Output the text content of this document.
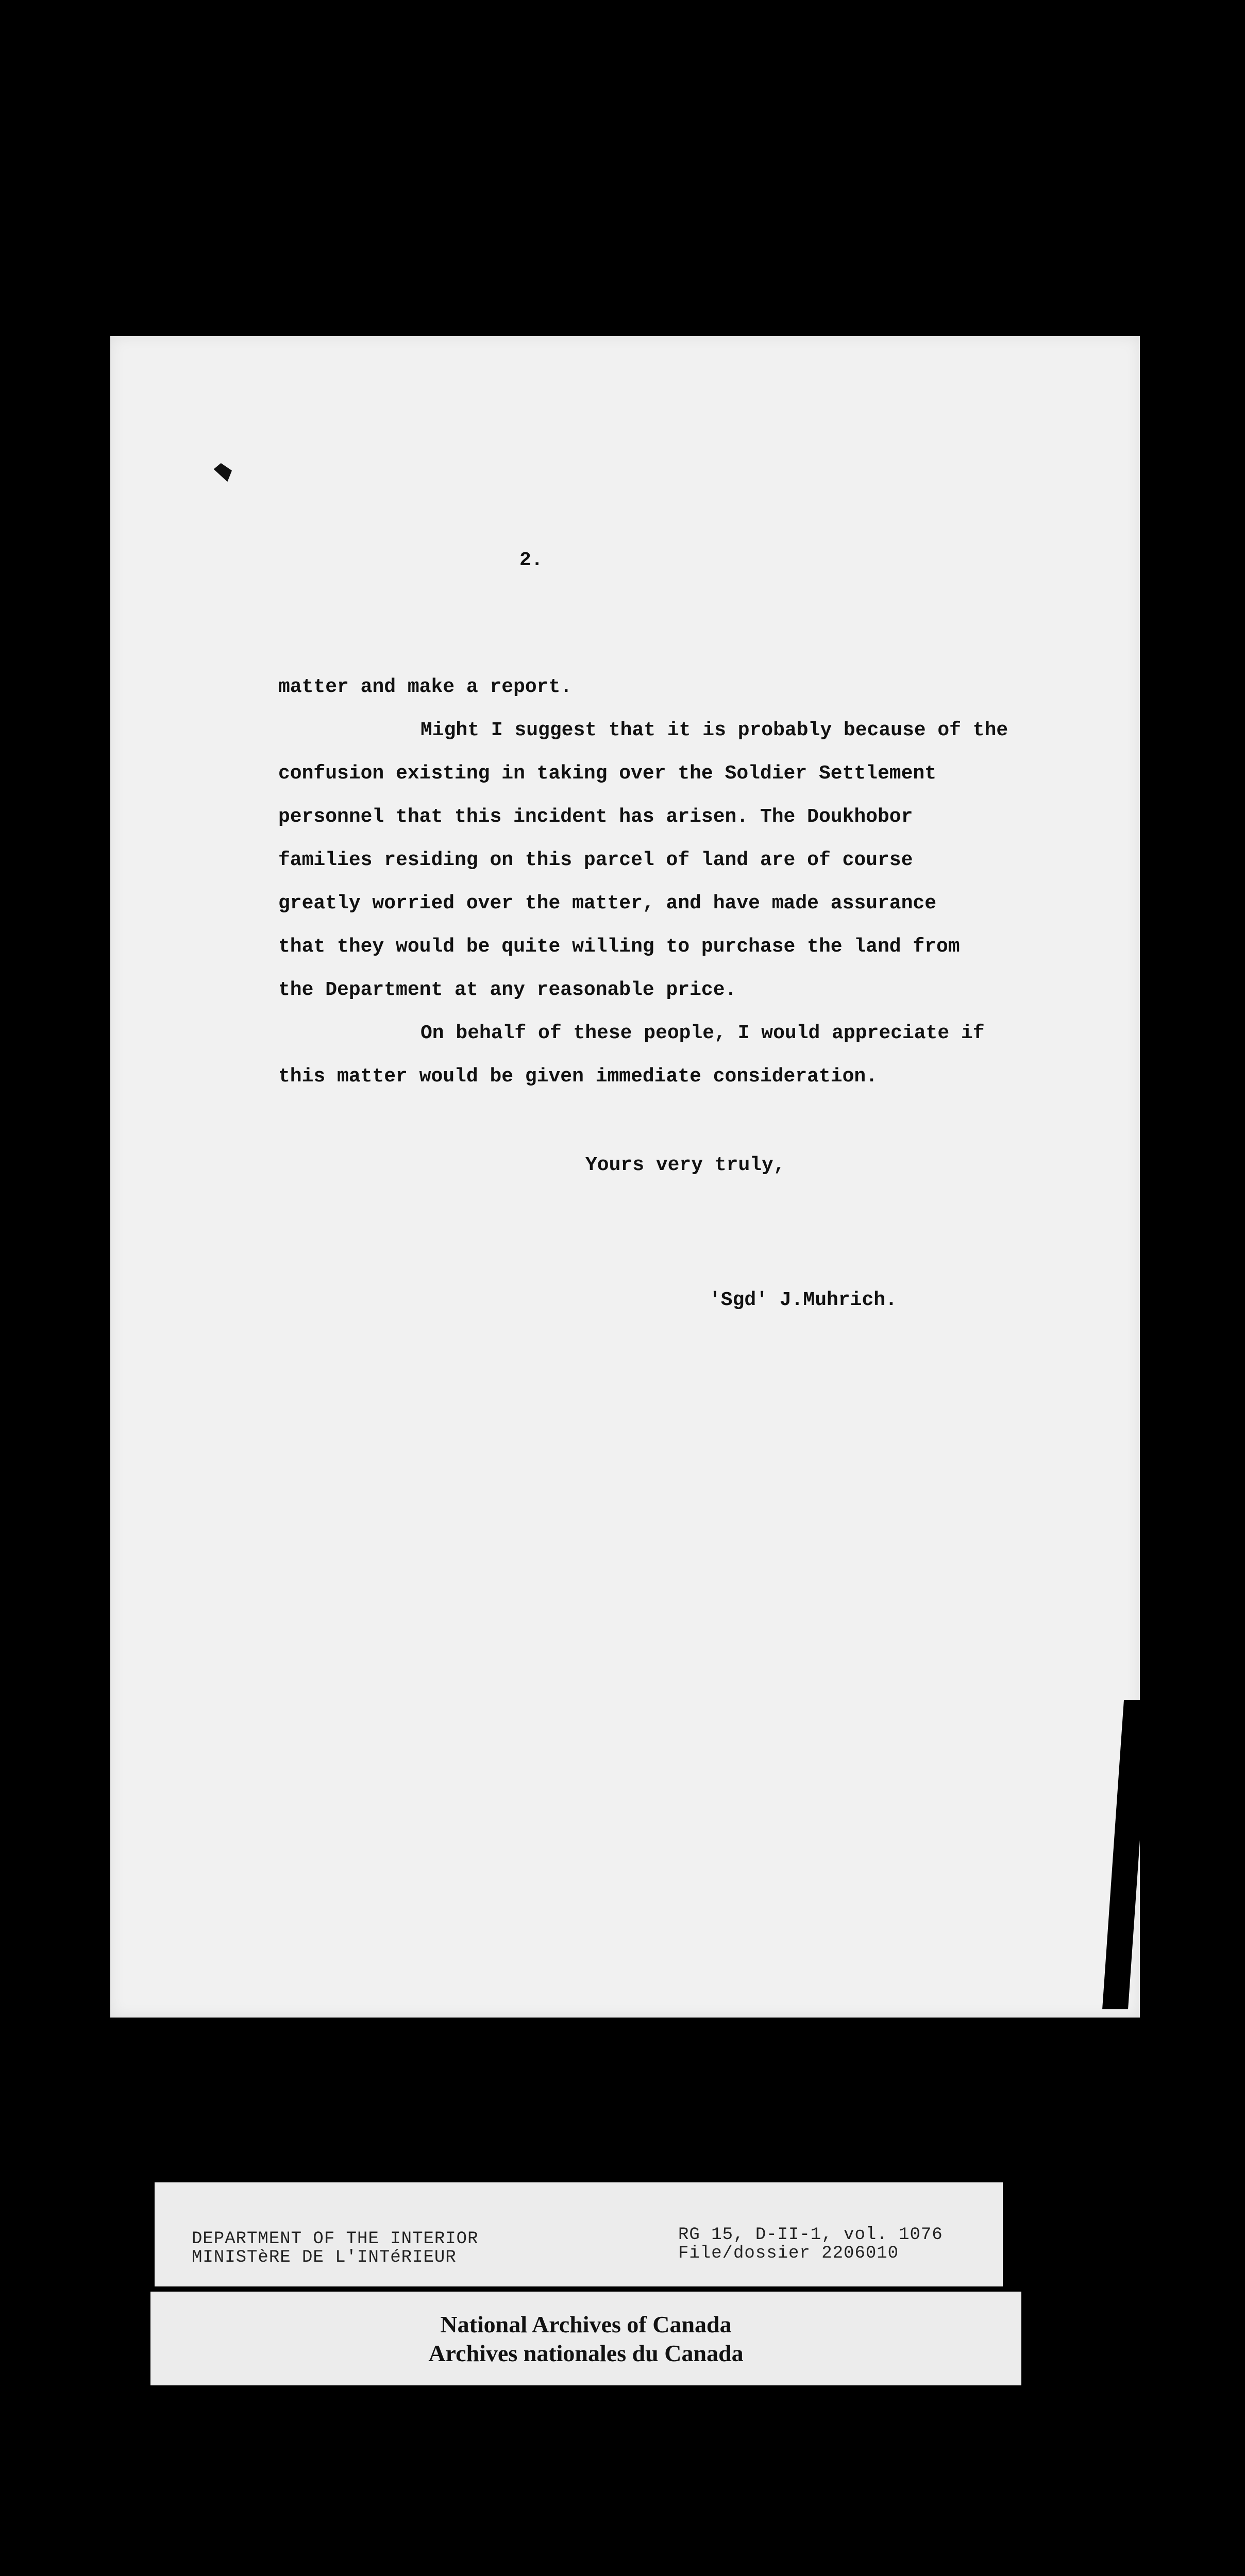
2.
matter and make a report.
Might I suggest that it is probably because of the
confusion existing in taking over the Soldier Settlement
personnel that this incident has arisen. The Doukhobor
families residing on this parcel of land are of course
greatly worried over the matter, and have made assurance
that they would be quite willing to purchase the land from
the Department at any reasonable price.
On behalf of these people, I would appreciate if
this matter would be given immediate consideration.
Yours very truly,
'Sgd' J.Muhrich.
DEPARTMENT OF THE INTERIOR
MINISTèRE DE L'INTéRIEUR
RG 15, D-II-1, vol. 1076
File/dossier 2206010
National Archives of Canada
Archives nationales du Canada
